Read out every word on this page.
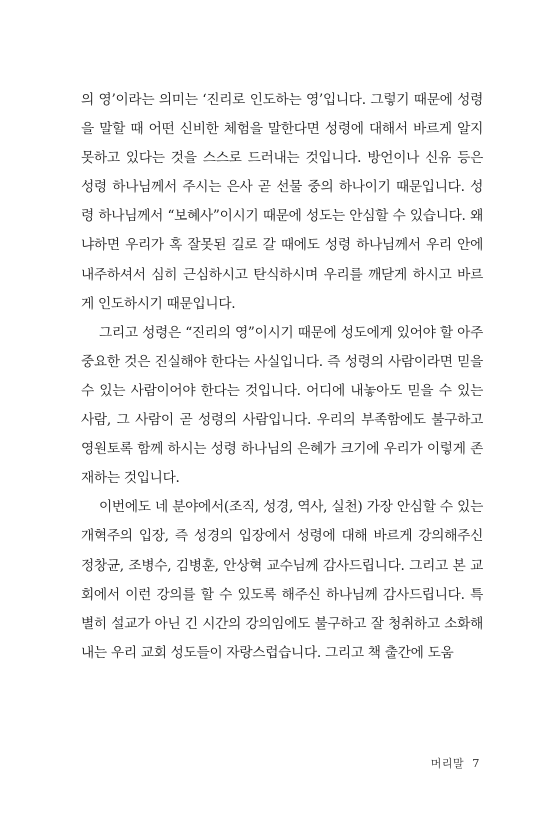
의 영’이라는 의미는 ‘진리로 인도하는 영’입니다. 그렇기 때문에 성령을 말할 때 어떤 신비한 체험을 말한다면 성령에 대해서 바르게 알지 못하고 있다는 것을 스스로 드러내는 것입니다. 방언이나 신유 등은 성령 하나님께서 주시는 은사 곧 선물 중의 하나이기 때문입니다. 성령 하나님께서 “보혜사”이시기 때문에 성도는 안심할 수 있습니다. 왜냐하면 우리가 혹 잘못된 길로 갈 때에도 성령 하나님께서 우리 안에 내주하셔서 심히 근심하시고 탄식하시며 우리를 깨닫게 하시고 바르게 인도하시기 때문입니다.

그리고 성령은 “진리의 영”이시기 때문에 성도에게 있어야 할 아주 중요한 것은 진실해야 한다는 사실입니다. 즉 성령의 사람이라면 믿을 수 있는 사람이어야 한다는 것입니다. 어디에 내놓아도 믿을 수 있는 사람, 그 사람이 곧 성령의 사람입니다. 우리의 부족함에도 불구하고 영원토록 함께 하시는 성령 하나님의 은혜가 크기에 우리가 이렇게 존재하는 것입니다.

이번에도 네 분야에서(조직, 성경, 역사, 실천) 가장 안심할 수 있는 개혁주의 입장, 즉 성경의 입장에서 성령에 대해 바르게 강의해주신 정창균, 조병수, 김병훈, 안상혁 교수님께 감사드립니다. 그리고 본 교회에서 이런 강의를 할 수 있도록 해주신 하나님께 감사드립니다. 특별히 설교가 아닌 긴 시간의 강의임에도 불구하고 잘 청취하고 소화해내는 우리 교회 성도들이 자랑스럽습니다. 그리고 책 출간에 도움

머리말 7
